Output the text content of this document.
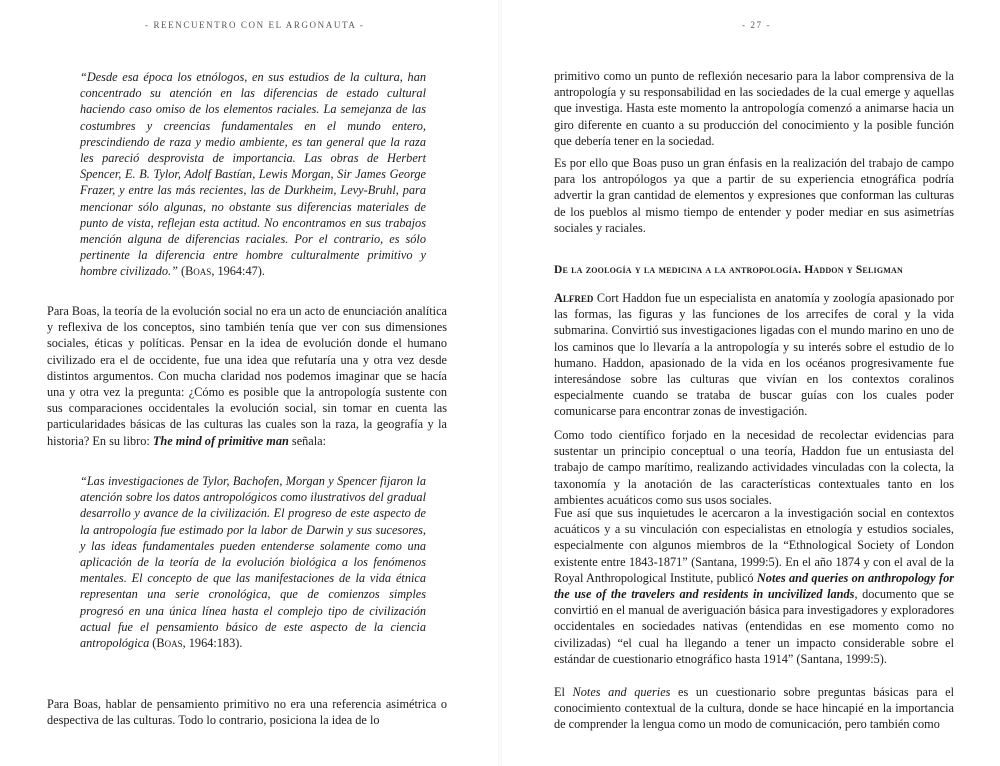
- REENCUENTRO CON EL ARGONAUTA -

“Desde esa época los etnólogos, en sus estudios de la cultura, han concentrado su atención en las diferencias de estado cultural haciendo caso omiso de los elementos raciales. La semejanza de las costumbres y creencias fundamentales en el mundo entero, prescindiendo de raza y medio ambiente, es tan general que la raza les pareció desprovista de importancia. Las obras de Herbert Spencer, E. B. Tylor, Adolf Bastían, Lewis Morgan, Sir James George Frazer, y entre las más recientes, las de Durkheim, Levy-Bruhl, para mencionar sólo algunas, no obstante sus diferencias materiales de punto de vista, reflejan esta actitud. No encontramos en sus trabajos mención alguna de diferencias raciales. Por el contrario, es sólo pertinente la diferencia entre hombre culturalmente primitivo y hombre civilizado.” (Boas, 1964:47).

Para Boas, la teoría de la evolución social no era un acto de enunciación analítica y reflexiva de los conceptos, sino también tenía que ver con sus dimensiones sociales, éticas y políticas. Pensar en la idea de evolución donde el humano civilizado era el de occidente, fue una idea que refutaría una y otra vez desde distintos argumentos. Con mucha claridad nos podemos imaginar que se hacía una y otra vez la pregunta: ¿Cómo es posible que la antropología sustente con sus comparaciones occidentales la evolución social, sin tomar en cuenta las particularidades básicas de las culturas las cuales son la raza, la geografía y la historia? En su libro: The mind of primitive man señala:

“Las investigaciones de Tylor, Bachofen, Morgan y Spencer fijaron la atención sobre los datos antropológicos como ilustrativos del gradual desarrollo y avance de la civilización. El progreso de este aspecto de la antropología fue estimado por la labor de Darwin y sus sucesores, y las ideas fundamentales pueden entenderse solamente como una aplicación de la teoría de la evolución biológica a los fenómenos mentales. El concepto de que las manifestaciones de la vida étnica representan una serie cronológica, que de comienzos simples progresó en una única línea hasta el complejo tipo de civilización actual fue el pensamiento básico de este aspecto de la ciencia antropológica (Boas, 1964:183).

Para Boas, hablar de pensamiento primitivo no era una referencia asimétrica o despectiva de las culturas. Todo lo contrario, posiciona la idea de lo

- 27 -

primitivo como un punto de reflexión necesario para la labor comprensiva de la antropología y su responsabilidad en las sociedades de la cual emerge y aquellas que investiga. Hasta este momento la antropología comenzó a animarse hacia un giro diferente en cuanto a su producción del conocimiento y la posible función que debería tener en la sociedad.

Es por ello que Boas puso un gran énfasis en la realización del trabajo de campo para los antropólogos ya que a partir de su experiencia etnográfica podría advertir la gran cantidad de elementos y expresiones que conforman las culturas de los pueblos al mismo tiempo de entender y poder mediar en sus asimetrías sociales y raciales.

De la zoología y la medicina a la antropología. Haddon y Seligman

Alfred Cort Haddon fue un especialista en anatomía y zoología apasionado por las formas, las figuras y las funciones de los arrecifes de coral y la vida submarina. Convirtió sus investigaciones ligadas con el mundo marino en uno de los caminos que lo llevaría a la antropología y su interés sobre el estudio de lo humano. Haddon, apasionado de la vida en los océanos progresivamente fue interesándose sobre las culturas que vivían en los contextos coralinos especialmente cuando se trataba de buscar guías con los cuales poder comunicarse para encontrar zonas de investigación.

Como todo científico forjado en la necesidad de recolectar evidencias para sustentar un principio conceptual o una teoría, Haddon fue un entusiasta del trabajo de campo marítimo, realizando actividades vinculadas con la colecta, la taxonomía y la anotación de las características contextuales tanto en los ambientes acuáticos como sus usos sociales.

Fue así que sus inquietudes le acercaron a la investigación social en contextos acuáticos y a su vinculación con especialistas en etnología y estudios sociales, especialmente con algunos miembros de la “Ethnological Society of London existente entre 1843-1871” (Santana, 1999:5). En el año 1874 y con el aval de la Royal Anthropological Institute, publicó Notes and queries on anthropology for the use of the travelers and residents in uncivilized lands, documento que se convirtió en el manual de averiguación básica para investigadores y exploradores occidentales en sociedades nativas (entendidas en ese momento como no civilizadas) “el cual ha llegando a tener un impacto considerable sobre el estándar de cuestionario etnográfico hasta 1914” (Santana, 1999:5).

El Notes and queries es un cuestionario sobre preguntas básicas para el conocimiento contextual de la cultura, donde se hace hincapié en la importancia de comprender la lengua como un modo de comunicación, pero también como
